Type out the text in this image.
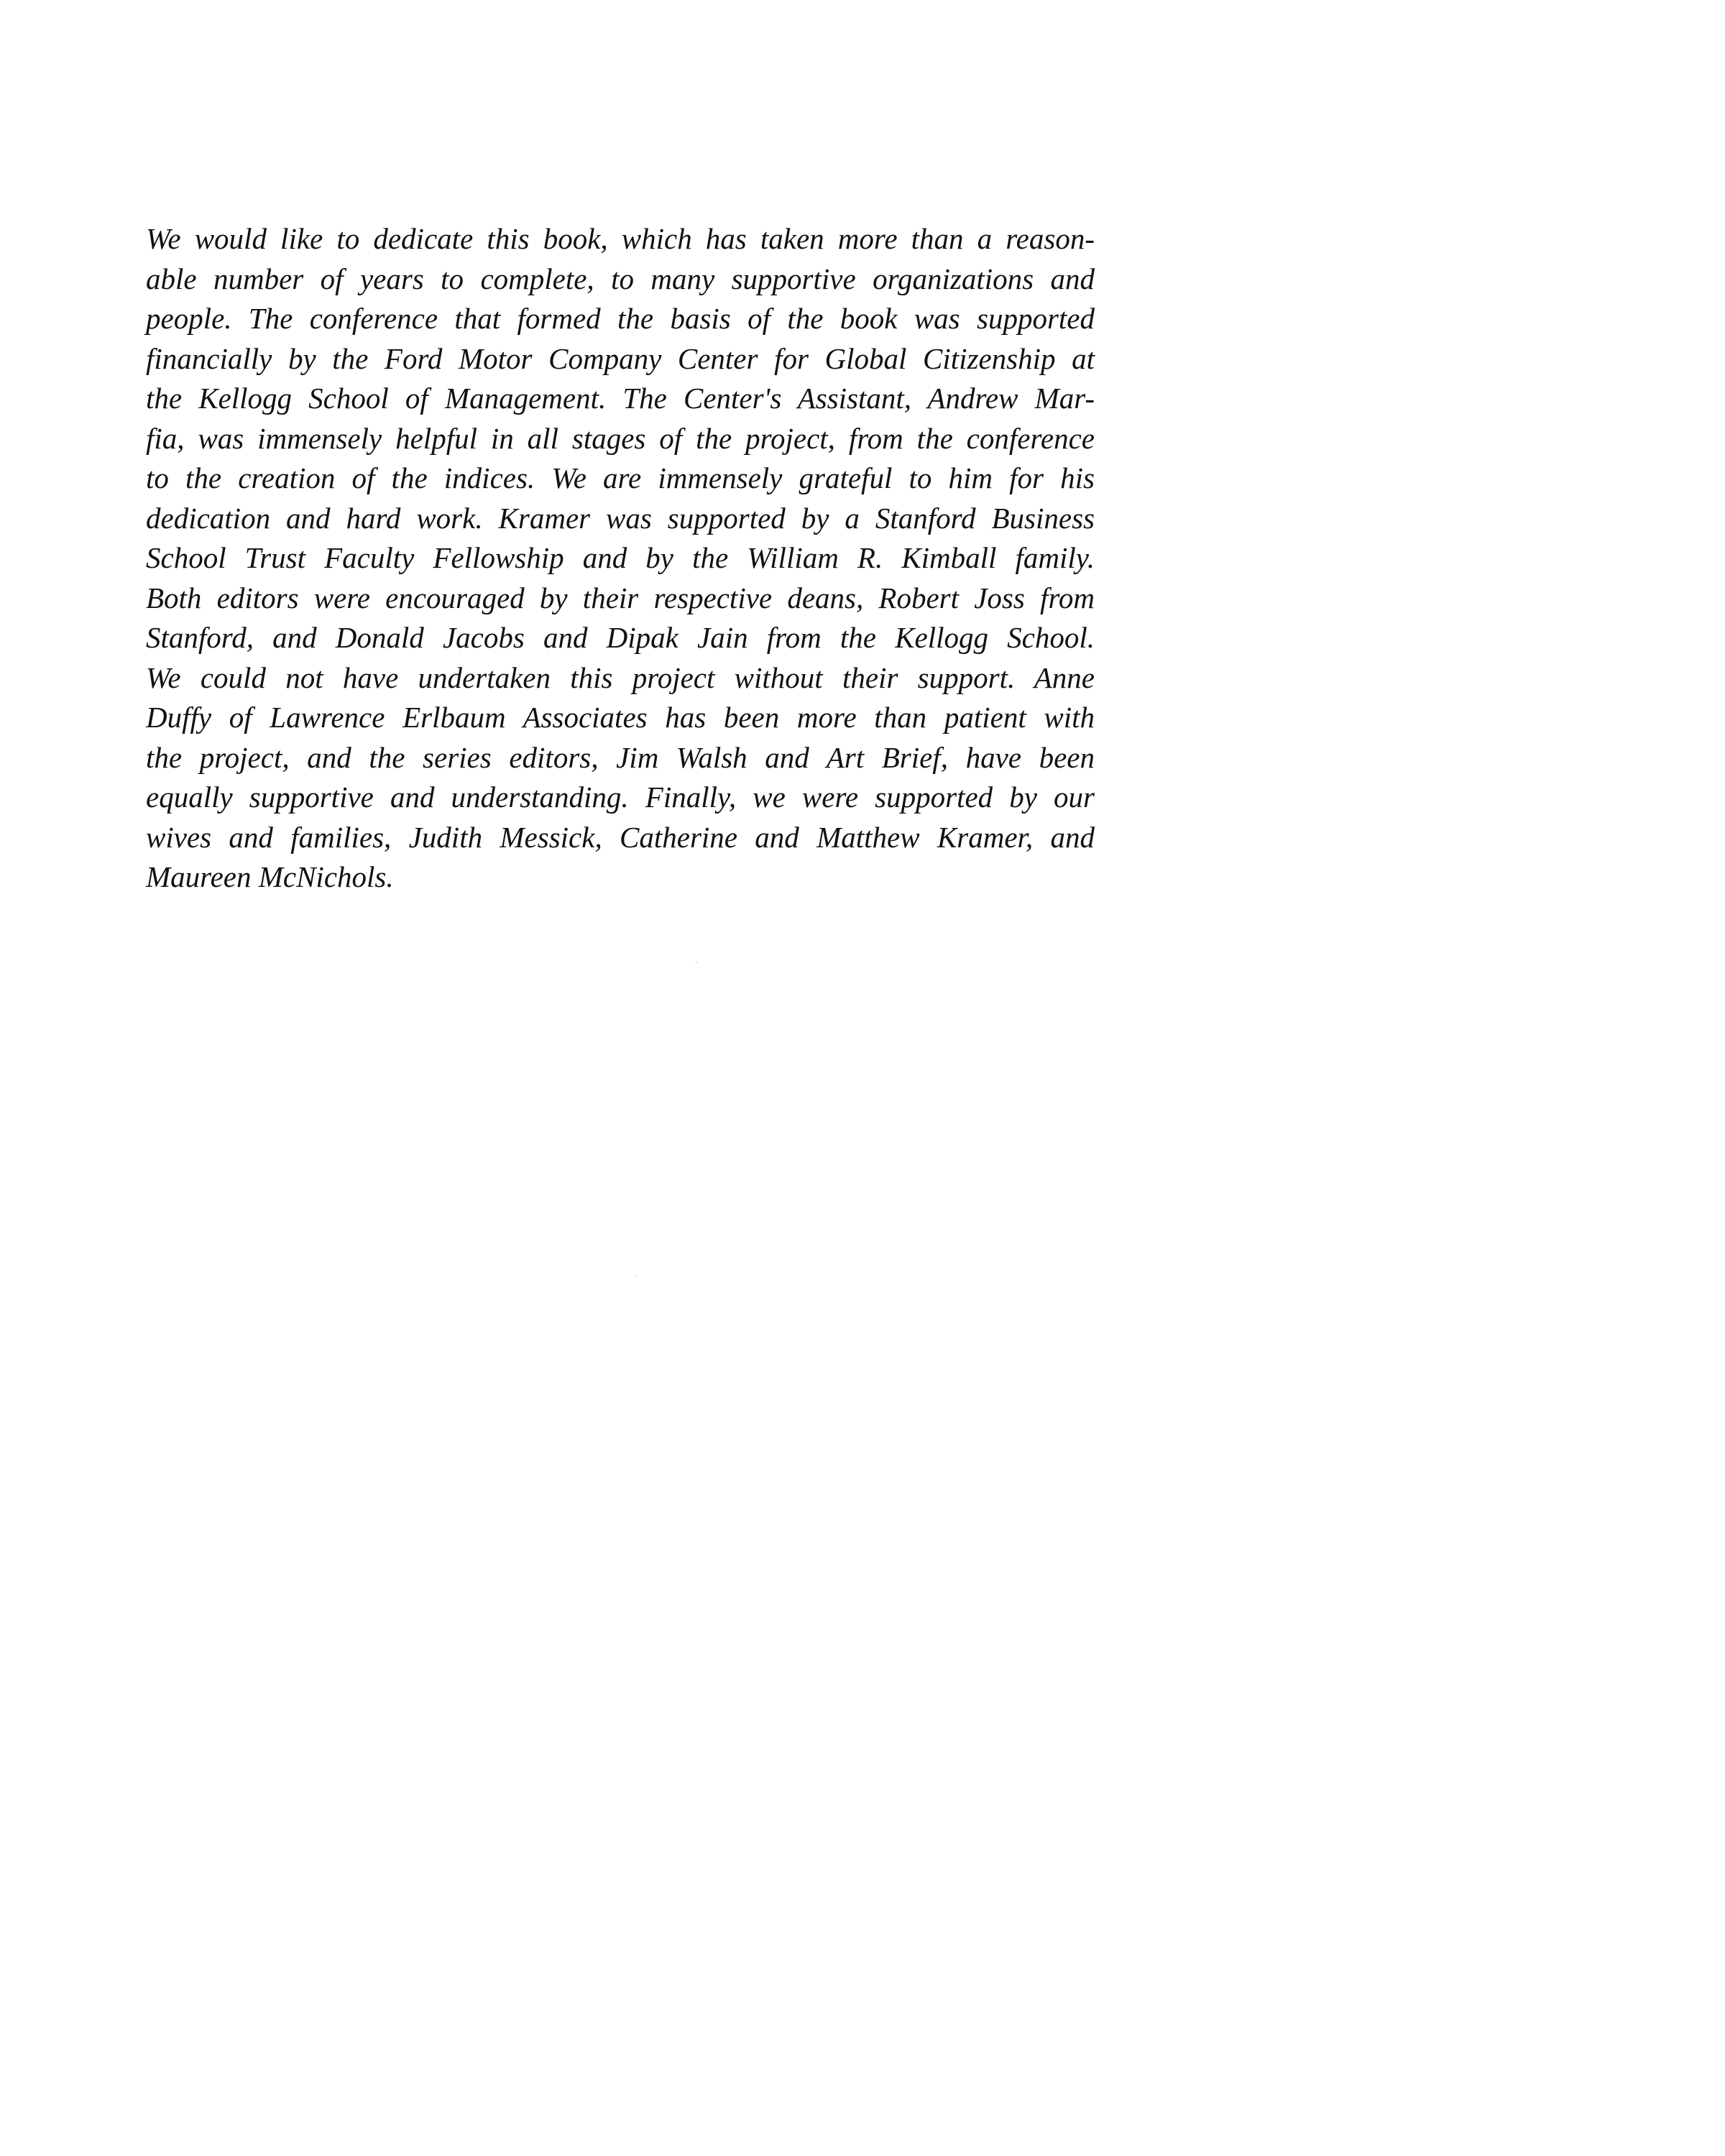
We would like to dedicate this book, which has taken more than a reason-
able number of years to complete, to many supportive organizations and
people. The conference that formed the basis of the book was supported
financially by the Ford Motor Company Center for Global Citizenship at
the Kellogg School of Management. The Center's Assistant, Andrew Mar-
fia, was immensely helpful in all stages of the project, from the conference
to the creation of the indices. We are immensely grateful to him for his
dedication and hard work. Kramer was supported by a Stanford Business
School Trust Faculty Fellowship and by the William R. Kimball family.
Both editors were encouraged by their respective deans, Robert Joss from
Stanford, and Donald Jacobs and Dipak Jain from the Kellogg School.
We could not have undertaken this project without their support. Anne
Duffy of Lawrence Erlbaum Associates has been more than patient with
the project, and the series editors, Jim Walsh and Art Brief, have been
equally supportive and understanding. Finally, we were supported by our
wives and families, Judith Messick, Catherine and Matthew Kramer, and
Maureen McNichols.
